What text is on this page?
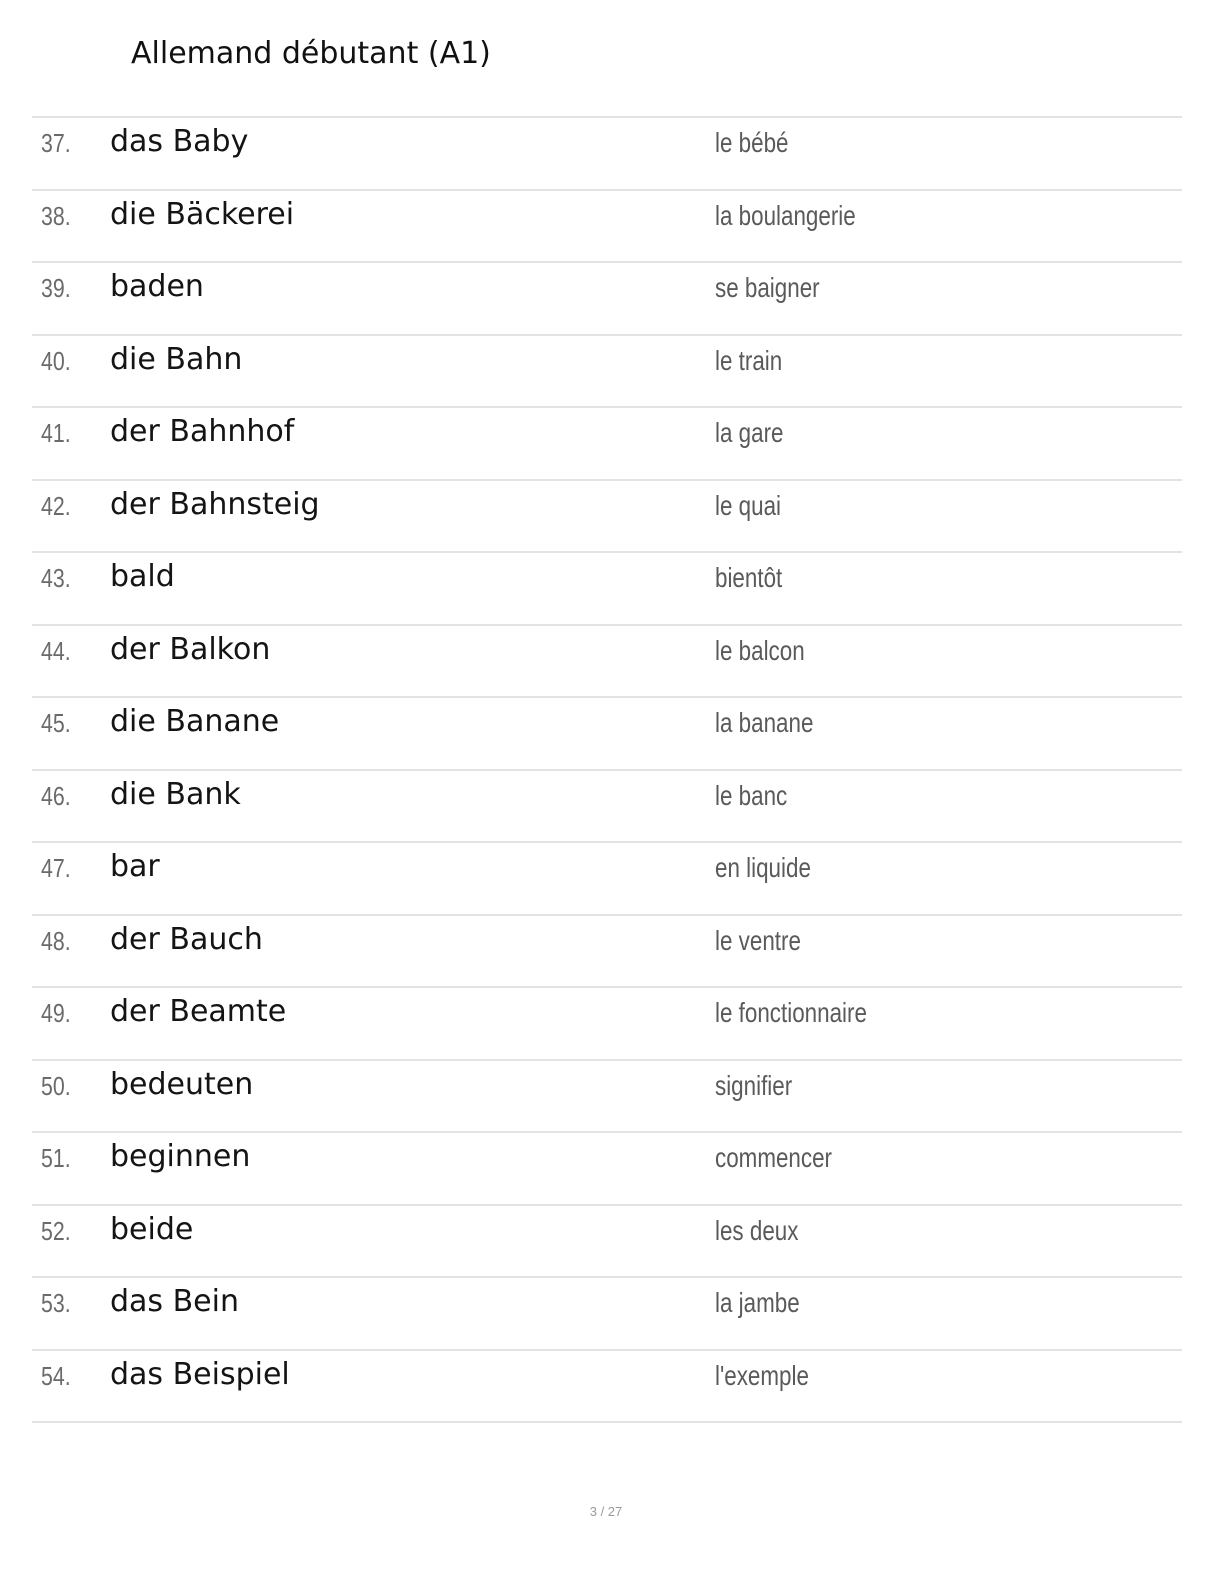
Allemand débutant (A1)
37. das Baby	le bébé
38. die Bäckerei	la boulangerie
39. baden	se baigner
40. die Bahn	le train
41. der Bahnhof	la gare
42. der Bahnsteig	le quai
43. bald	bientôt
44. der Balkon	le balcon
45. die Banane	la banane
46. die Bank	le banc
47. bar	en liquide
48. der Bauch	le ventre
49. der Beamte	le fonctionnaire
50. bedeuten	signifier
51. beginnen	commencer
52. beide	les deux
53. das Bein	la jambe
54. das Beispiel	l'exemple
3 / 27
